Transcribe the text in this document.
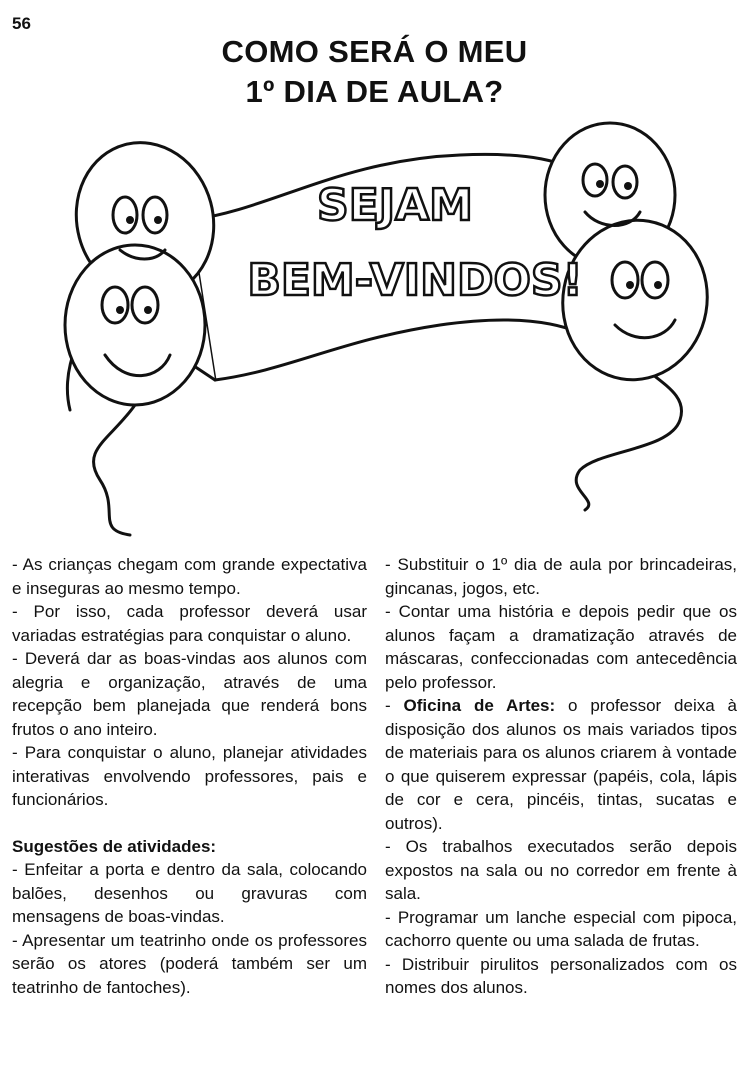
56
COMO SERÁ O MEU
1º DIA DE AULA?
SEJAM
BEM-VINDOS!

- As crianças chegam com grande expectativa e inseguras ao mesmo tempo.

- Por isso, cada professor deverá usar variadas estratégias para conquistar o aluno.

- Deverá dar as boas-vindas aos alunos com alegria e organização, através de uma recepção bem planejada que renderá bons frutos o ano inteiro.

- Para conquistar o aluno, planejar atividades interativas envolvendo professores, pais e funcionários.

Sugestões de atividades:

- Enfeitar a porta e dentro da sala, colocando balões, desenhos ou gravuras com mensagens de boas-vindas.

- Apresentar um teatrinho onde os professores serão os atores (poderá também ser um teatrinho de fantoches).

- Substituir o 1º dia de aula por brincadeiras, gincanas, jogos, etc.

- Contar uma história e depois pedir que os alunos façam a dramatização através de máscaras, confeccionadas com antecedência pelo professor.

- Oficina de Artes: o professor deixa à disposição dos alunos os mais variados tipos de materiais para os alunos criarem à vontade o que quiserem expressar (papéis, cola, lápis de cor e cera, pincéis, tintas, sucatas e outros).

- Os trabalhos executados serão depois expostos na sala ou no corredor em frente à sala.

- Programar um lanche especial com pipoca, cachorro quente ou uma salada de frutas.

- Distribuir pirulitos personalizados com os nomes dos alunos.
